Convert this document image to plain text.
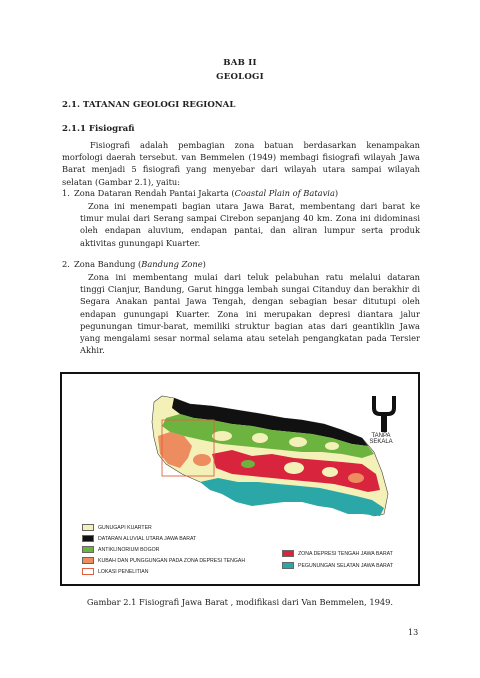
BAB II
GEOLOGI
2.1. TATANAN GEOLOGI REGIONAL
2.1.1 Fisiografi
Fisiografi adalah pembagian zona batuan berdasarkan kenampakan
morfologi daerah tersebut. van Bemmelen (1949) membagi fisiografi wilayah Jawa
Barat menjadi 5 fisiografi yang menyebar dari wilayah utara sampai wilayah
selatan (Gambar 2.1), yaitu:
1. Zona Dataran Rendah Pantai Jakarta (Coastal Plain of Batavia)
Zona ini menempati bagian utara Jawa Barat, membentang dari barat ke
timur mulai dari Serang sampai Cirebon sepanjang 40 km. Zona ini didominasi
oleh endapan aluvium, endapan pantai, dan aliran lumpur serta produk
aktivitas gunungapi Kuarter.
2. Zona Bandung (Bandung Zone)
Zona ini membentang mulai dari teluk pelabuhan ratu melalui dataran
tinggi Cianjur, Bandung, Garut hingga lembah sungai Citanduy dan berakhir di
Segara Anakan pantai Jawa Tengah, dengan sebagian besar ditutupi oleh
endapan gunungapi Kuarter. Zona ini merupakan depresi diantara jalur
pegunungan timur-barat, memiliki struktur bagian atas dari geantiklin Jawa
yang mengalami sesar normal selama atau setelah pengangkatan pada Tersier
Akhir.
TANPA
SEKALA
GUNUGAPI KUARTER
DATARAN ALUVIAL UTARA JAWA BARAT
ANTIKLINORIUM BOGOR
KUBAH DAN PUNGGUNGAN PADA ZONA DEPRESI TENGAH
LOKASI PENELITIAN
ZONA DEPRESI TENGAH JAWA BARAT
PEGUNUNGAN SELATAN JAWA BARAT
Gambar 2.1 Fisiografi Jawa Barat , modifikasi dari Van Bemmelen, 1949.
13
